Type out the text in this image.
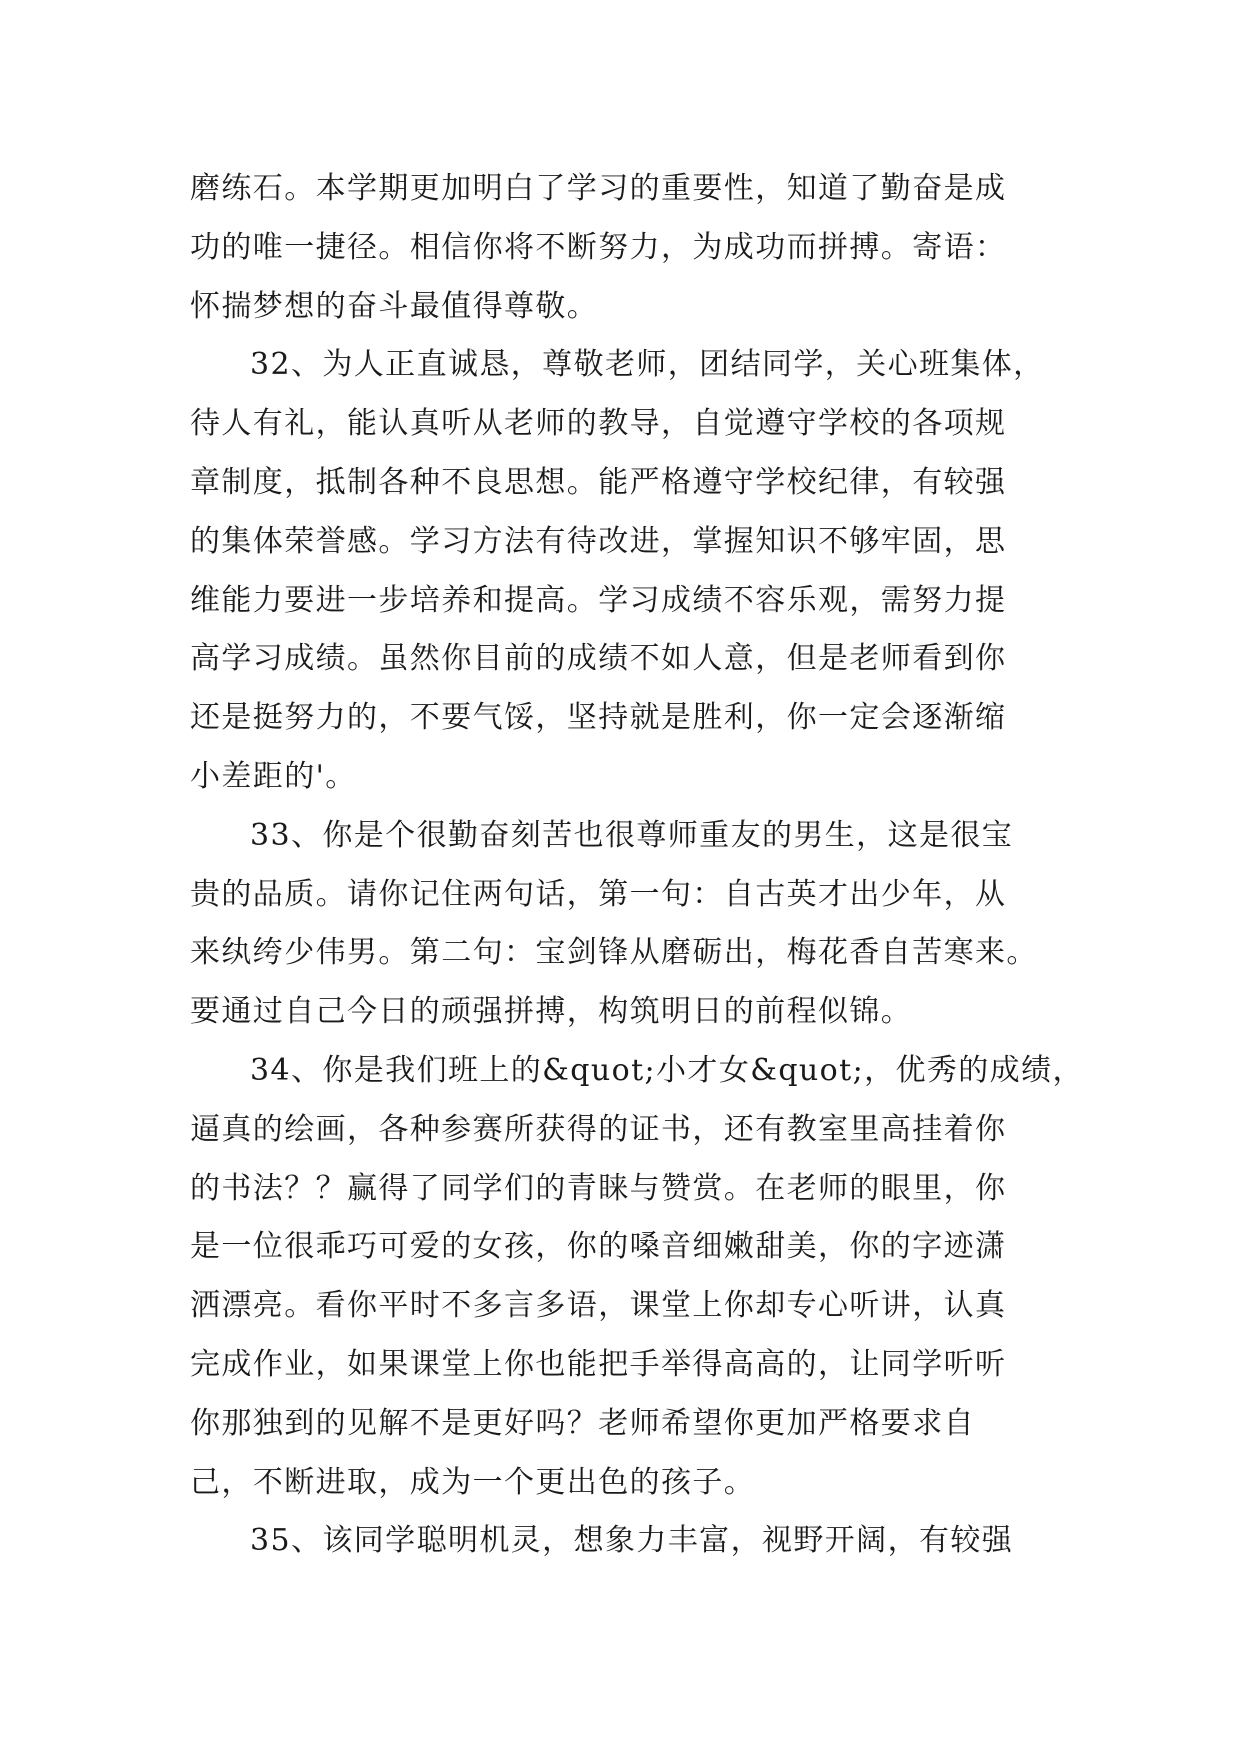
磨练石。本学期更加明白了学习的重要性，知道了勤奋是成
功的唯一捷径。相信你将不断努力，为成功而拼搏。寄语：
怀揣梦想的奋斗最值得尊敬。
32、为人正直诚恳，尊敬老师，团结同学，关心班集体，
待人有礼，能认真听从老师的教导，自觉遵守学校的各项规
章制度，抵制各种不良思想。能严格遵守学校纪律，有较强
的集体荣誉感。学习方法有待改进，掌握知识不够牢固，思
维能力要进一步培养和提高。学习成绩不容乐观，需努力提
高学习成绩。虽然你目前的成绩不如人意，但是老师看到你
还是挺努力的，不要气馁，坚持就是胜利，你一定会逐渐缩
小差距的'。
33、你是个很勤奋刻苦也很尊师重友的男生，这是很宝
贵的品质。请你记住两句话，第一句：自古英才出少年，从
来纨绔少伟男。第二句：宝剑锋从磨砺出，梅花香自苦寒来。
要通过自己今日的顽强拼搏，构筑明日的前程似锦。
34、你是我们班上的&quot;小才女&quot;，优秀的成绩，
逼真的绘画，各种参赛所获得的证书，还有教室里高挂着你
的书法？？赢得了同学们的青睐与赞赏。在老师的眼里，你
是一位很乖巧可爱的女孩，你的嗓音细嫩甜美，你的字迹潇
洒漂亮。看你平时不多言多语，课堂上你却专心听讲，认真
完成作业，如果课堂上你也能把手举得高高的，让同学听听
你那独到的见解不是更好吗？老师希望你更加严格要求自
己，不断进取，成为一个更出色的孩子。
35、该同学聪明机灵，想象力丰富，视野开阔，有较强
